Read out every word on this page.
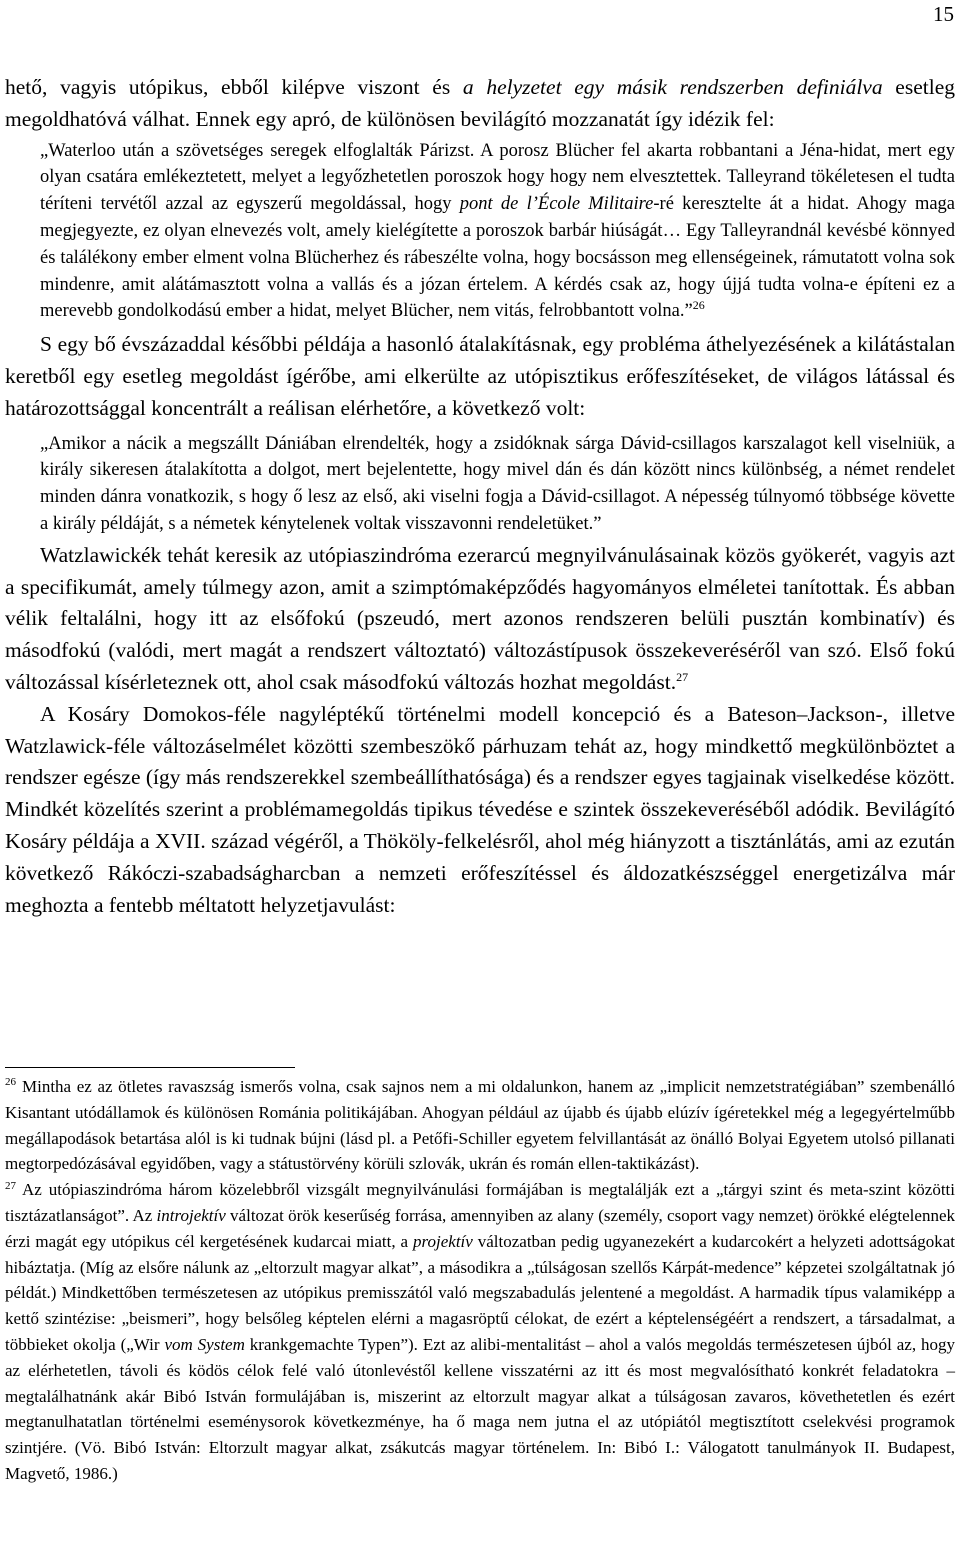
15

hető, vagyis utópikus, ebből kilépve viszont és a helyzetet egy másik rendszerben definiálva esetleg megoldhatóvá válhat. Ennek egy apró, de különösen bevilágító mozzanatát így idézik fel:

„Waterloo után a szövetséges seregek elfoglalták Párizst. A porosz Blücher fel akarta robbantani a Jéna-hidat, mert egy olyan csatára emlékeztetett, melyet a legyőzhetetlen poroszok hogy hogy nem elvesztettek. Talleyrand tökéletesen el tudta téríteni tervétől azzal az egyszerű megoldással, hogy pont de l’École Militaire-ré keresztelte át a hidat. Ahogy maga megjegyezte, ez olyan elnevezés volt, amely kielégítette a poroszok barbár hiúságát… Egy Talleyrandnál kevésbé könnyed és találékony ember elment volna Blücherhez és rábeszélte volna, hogy bocsásson meg ellenségeinek, rámutatott volna sok mindenre, amit alátámasztott volna a vallás és a józan értelem. A kérdés csak az, hogy újjá tudta volna-e építeni ez a merevebb gondolkodású ember a hidat, melyet Blücher, nem vitás, felrobbantott volna.”$^{26}$

S egy bő évszázaddal későbbi példája a hasonló átalakításnak, egy probléma áthelyezésének a kilátástalan keretből egy esetleg megoldást ígérőbe, ami elkerülte az utópisztikus erőfeszítéseket, de világos látással és határozottsággal koncentrált a reálisan elérhetőre, a következő volt:

„Amikor a nácik a megszállt Dániában elrendelték, hogy a zsidóknak sárga Dávid-csillagos karszalagot kell viselniük, a király sikeresen átalakította a dolgot, mert bejelentette, hogy mivel dán és dán között nincs különbség, a német rendelet minden dánra vonatkozik, s hogy ő lesz az első, aki viselni fogja a Dávid-csillagot. A népesség túlnyomó többsége követte a király példáját, s a németek kénytelenek voltak visszavonni rendeletüket.”

Watzlawickék tehát keresik az utópiaszindróma ezerarcú megnyilvánulásainak közös gyökerét, vagyis azt a specifikumát, amely túlmegy azon, amit a szimptómaképződés hagyományos elméletei tanítottak. És abban vélik feltalálni, hogy itt az elsőfokú (pszeudó, mert azonos rendszeren belüli pusztán kombinatív) és másodfokú (valódi, mert magát a rendszert változtató) változástípusok összekeveréséről van szó. Első fokú változással kísérleteznek ott, ahol csak másodfokú változás hozhat megoldást.$^{27}$

A Kosáry Domokos-féle nagyléptékű történelmi modell koncepció és a Bateson–Jackson-, illetve Watzlawick-féle változáselmélet közötti szembeszökő párhuzam tehát az, hogy mindkettő megkülönböztet a rendszer egésze (így más rendszerekkel szembeállíthatósága) és a rendszer egyes tagjainak viselkedése között. Mindkét közelítés szerint a problémamegoldás tipikus tévedése e szintek összekeveréséből adódik. Bevilágító Kosáry példája a XVII. század végéről, a Thököly-felkelésről, ahol még hiányzott a tisztánlátás, ami az ezután következő Rákóczi-szabadságharcban a nemzeti erőfeszítéssel és áldozatkészséggel energetizálva már meghozta a fentebb méltatott helyzetjavulást:

$^{26}$ Mintha ez az ötletes ravaszság ismerős volna, csak sajnos nem a mi oldalunkon, hanem az „implicit nemzetstratégiában” szembenálló Kisantant utódállamok és különösen Románia politikájában. Ahogyan például az újabb és újabb elúzív ígéretekkel még a legegyértelműbb megállapodások betartása alól is ki tudnak bújni (lásd pl. a Petőfi-Schiller egyetem felvillantását az önálló Bolyai Egyetem utolsó pillanati megtorpedózásával egyidőben, vagy a státustörvény körüli szlovák, ukrán és román ellen-taktikázást).

$^{27}$ Az utópiaszindróma három közelebbről vizsgált megnyilvánulási formájában is megtalálják ezt a „tárgyi szint és meta-szint közötti tisztázatlanságot”. Az introjektív változat örök keserűség forrása, amennyiben az alany (személy, csoport vagy nemzet) örökké elégtelennek érzi magát egy utópikus cél kergetésének kudarcai miatt, a projektív változatban pedig ugyanezekért a kudarcokért a helyzeti adottságokat hibáztatja. (Míg az elsőre nálunk az „eltorzult magyar alkat”, a másodikra a „túlságosan szellős Kárpát-medence” képzetei szolgáltatnak jó példát.) Mindkettőben természetesen az utópikus premisszától való megszabadulás jelentené a megoldást. A harmadik típus valamiképp a kettő szintézise: „beismeri”, hogy belsőleg képtelen elérni a magasröptű célokat, de ezért a képtelenségéért a rendszert, a társadalmat, a többieket okolja („Wir vom System krankgemachte Typen”). Ezt az alibi-mentalitást – ahol a valós megoldás természetesen újból az, hogy az elérhetetlen, távoli és ködös célok felé való útonlevéstől kellene visszatérni az itt és most megvalósítható konkrét feladatokra – megtalálhatnánk akár Bibó István formulájában is, miszerint az eltorzult magyar alkat a túlságosan zavaros, követhetetlen és ezért megtanulhatatlan történelmi eseménysorok következménye, ha ő maga nem jutna el az utópiától megtisztított cselekvési programok szintjére. (Vö. Bibó István: Eltorzult magyar alkat, zsákutcás magyar történelem. In: Bibó I.: Válogatott tanulmányok II. Budapest, Magvető, 1986.)
